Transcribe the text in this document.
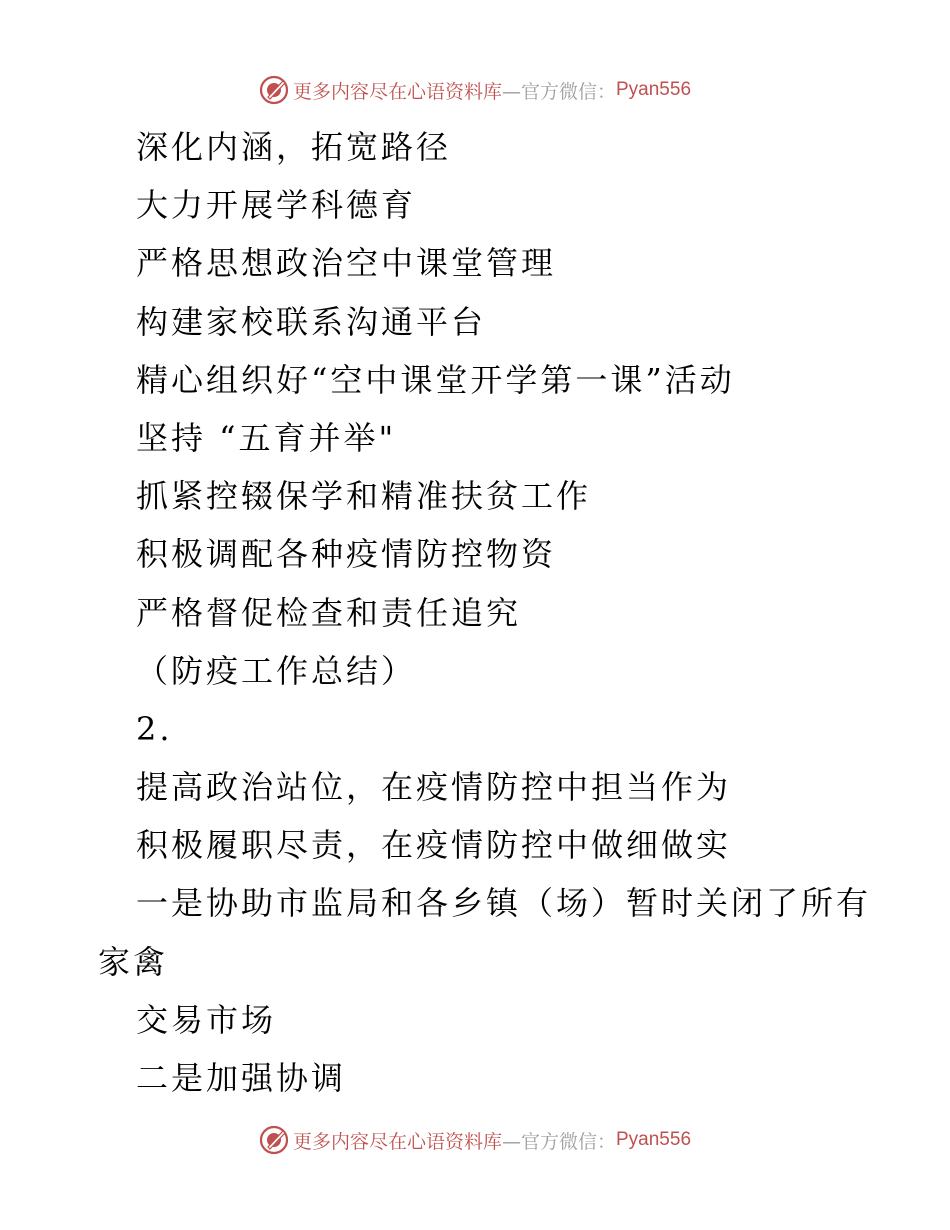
更多内容尽在心语资料库 —官方微信： Pyan556
深化内涵，拓宽路径
大力开展学科德育
严格思想政治空中课堂管理
构建家校联系沟通平台
精心组织好“空中课堂开学第一课”活动
坚持 “五育并举"
抓紧控辍保学和精准扶贫工作
积极调配各种疫情防控物资
严格督促检查和责任追究
（防疫工作总结）
2.
提高政治站位，在疫情防控中担当作为
积极履职尽责，在疫情防控中做细做实
一是协助市监局和各乡镇（场）暂时关闭了所有
家禽
交易市场
二是加强协调
更多内容尽在心语资料库 —官方微信： Pyan556
